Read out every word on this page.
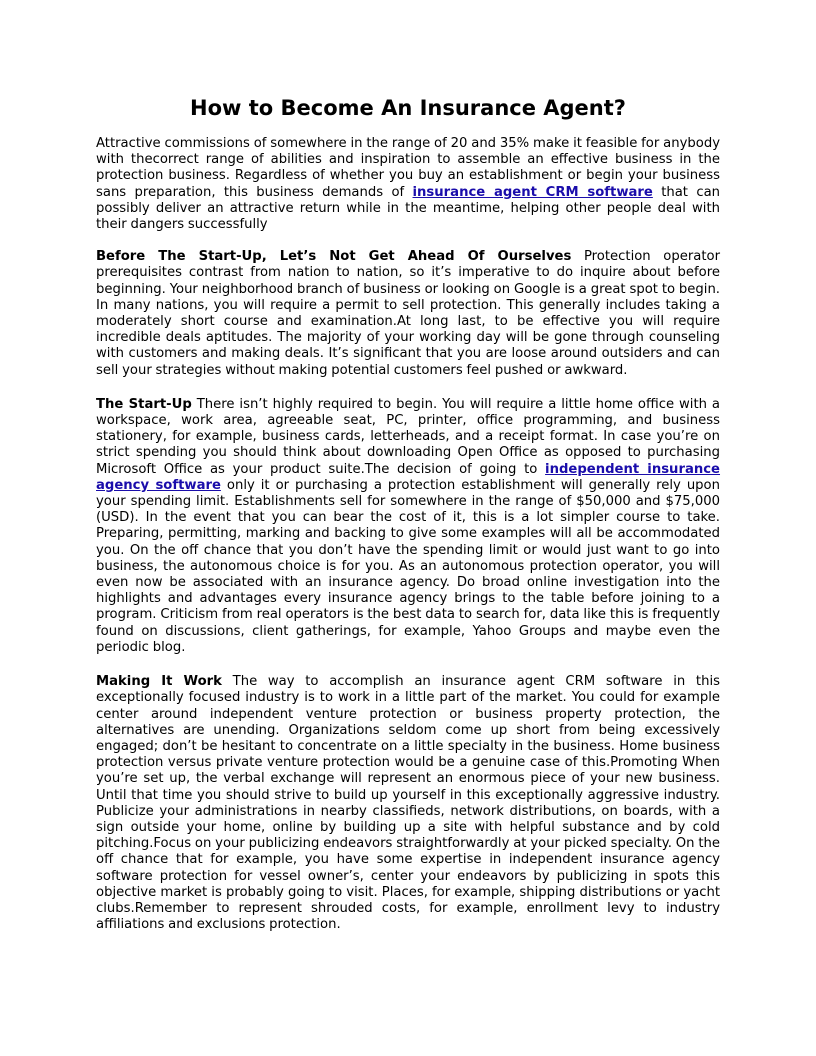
How to Become An Insurance Agent?

Attractive commissions of somewhere in the range of 20 and 35% make it feasible for anybody with thecorrect range of abilities and inspiration to assemble an effective business in the protection business. Regardless of whether you buy an establishment or begin your business sans preparation, this business demands of insurance agent CRM software that can possibly deliver an attractive return while in the meantime, helping other people deal with their dangers successfully

Before The Start-Up, Let’s Not Get Ahead Of Ourselves Protection operator prerequisites contrast from nation to nation, so it’s imperative to do inquire about before beginning. Your neighborhood branch of business or looking on Google is a great spot to begin. In many nations, you will require a permit to sell protection. This generally includes taking a moderately short course and examination.At long last, to be effective you will require incredible deals aptitudes. The majority of your working day will be gone through counseling with customers and making deals. It’s significant that you are loose around outsiders and can sell your strategies without making potential customers feel pushed or awkward.

The Start-Up There isn’t highly required to begin. You will require a little home office with a workspace, work area, agreeable seat, PC, printer, office programming, and business stationery, for example, business cards, letterheads, and a receipt format. In case you’re on strict spending you should think about downloading Open Office as opposed to purchasing Microsoft Office as your product suite.The decision of going to independent insurance agency software only it or purchasing a protection establishment will generally rely upon your spending limit. Establishments sell for somewhere in the range of $50,000 and $75,000 (USD). In the event that you can bear the cost of it, this is a lot simpler course to take. Preparing, permitting, marking and backing to give some examples will all be accommodated you. On the off chance that you don’t have the spending limit or would just want to go into business, the autonomous choice is for you. As an autonomous protection operator, you will even now be associated with an insurance agency. Do broad online investigation into the highlights and advantages every insurance agency brings to the table before joining to a program. Criticism from real operators is the best data to search for, data like this is frequently found on discussions, client gatherings, for example, Yahoo Groups and maybe even the periodic blog.

Making It Work The way to accomplish an insurance agent CRM software in this exceptionally focused industry is to work in a little part of the market. You could for example center around independent venture protection or business property protection, the alternatives are unending. Organizations seldom come up short from being excessively engaged; don’t be hesitant to concentrate on a little specialty in the business. Home business protection versus private venture protection would be a genuine case of this.Promoting When you’re set up, the verbal exchange will represent an enormous piece of your new business. Until that time you should strive to build up yourself in this exceptionally aggressive industry. Publicize your administrations in nearby classifieds, network distributions, on boards, with a sign outside your home, online by building up a site with helpful substance and by cold pitching.Focus on your publicizing endeavors straightforwardly at your picked specialty. On the off chance that for example, you have some expertise in independent insurance agency software protection for vessel owner’s, center your endeavors by publicizing in spots this objective market is probably going to visit. Places, for example, shipping distributions or yacht clubs.Remember to represent shrouded costs, for example, enrollment levy to industry affiliations and exclusions protection.
